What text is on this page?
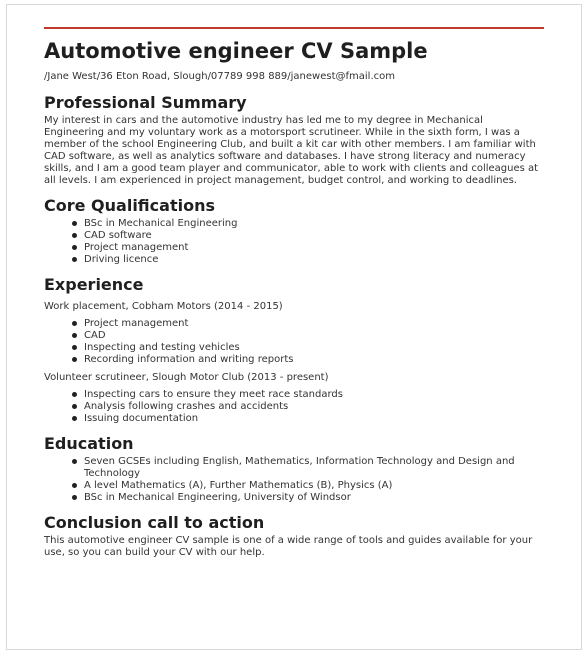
Automotive engineer CV Sample
/Jane West/36 Eton Road, Slough/07789 998 889/janewest@fmail.com
Professional Summary

My interest in cars and the automotive industry has led me to my degree in Mechanical Engineering and my voluntary work as a motorsport scrutineer. While in the sixth form, I was a member of the school Engineering Club, and built a kit car with other members. I am familiar with CAD software, as well as analytics software and databases. I have strong literacy and numeracy skills, and I am a good team player and communicator, able to work with clients and colleagues at all levels. I am experienced in project management, budget control, and working to deadlines.

Core Qualifications
BSc in Mechanical Engineering
CAD software
Project management
Driving licence
Experience
Work placement, Cobham Motors (2014 - 2015)
Project management
CAD
Inspecting and testing vehicles
Recording information and writing reports
Volunteer scrutineer, Slough Motor Club (2013 - present)
Inspecting cars to ensure they meet race standards
Analysis following crashes and accidents
Issuing documentation
Education
Seven GCSEs including English, Mathematics, Information Technology and Design and Technology
A level Mathematics (A), Further Mathematics (B), Physics (A)
BSc in Mechanical Engineering, University of Windsor
Conclusion call to action

This automotive engineer CV sample is one of a wide range of tools and guides available for your use, so you can build your CV with our help.
